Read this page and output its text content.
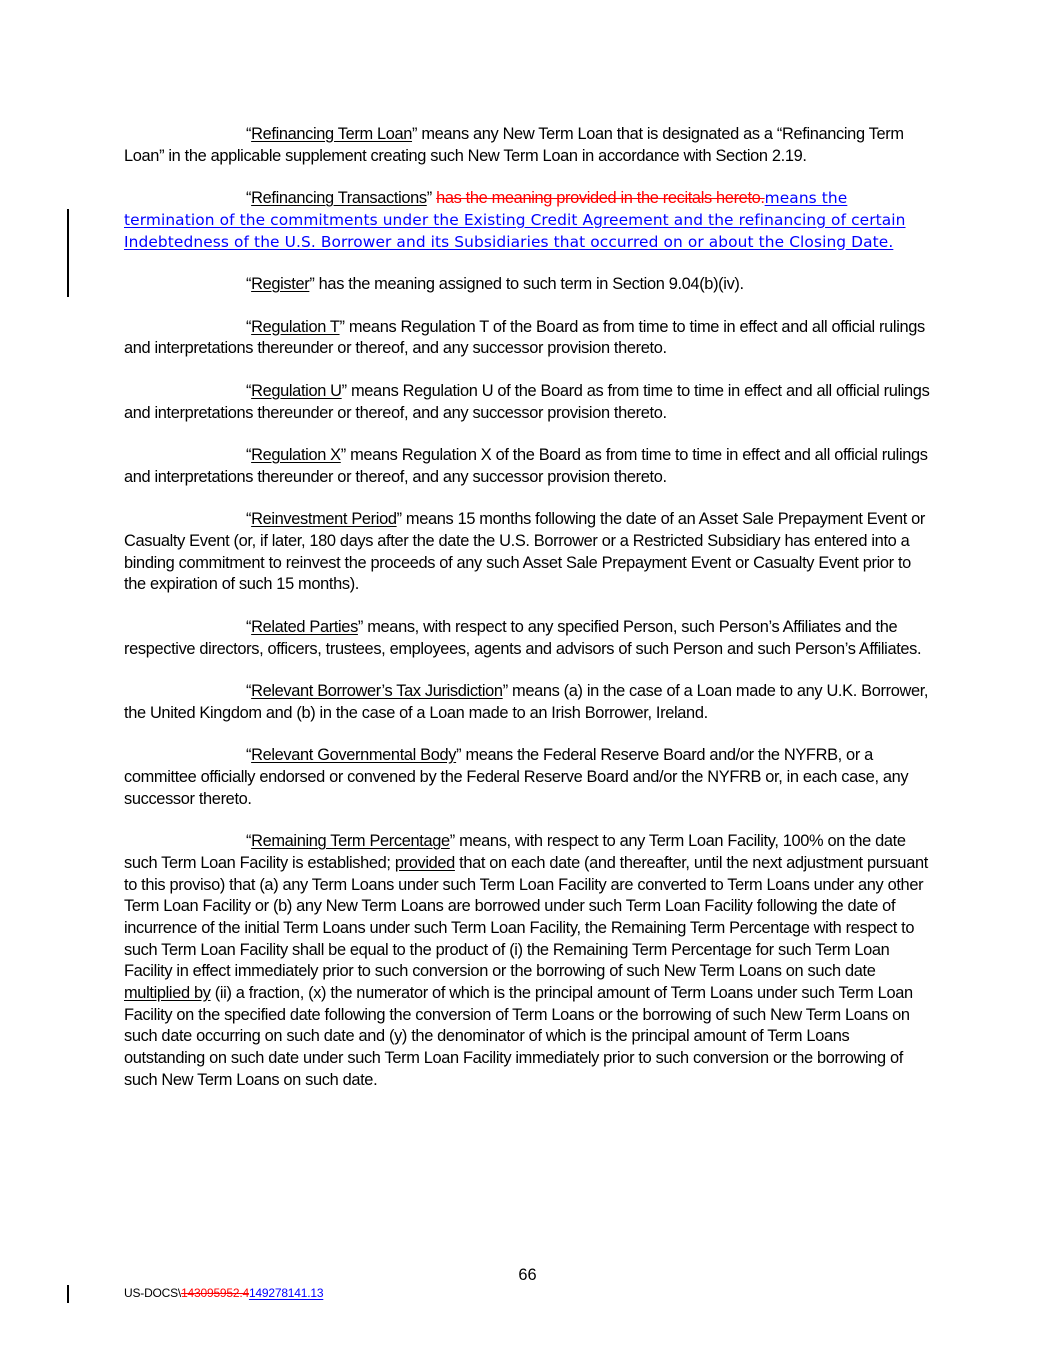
“Refinancing Term Loan” means any New Term Loan that is designated as a “Refinancing Term Loan” in the applicable supplement creating such New Term Loan in accordance with Section 2.19.

“Refinancing Transactions” has the meaning provided in the recitals hereto.means the termination of the commitments under the Existing Credit Agreement and the refinancing of certain Indebtedness of the U.S. Borrower and its Subsidiaries that occurred on or about the Closing Date.

“Register” has the meaning assigned to such term in Section 9.04(b)(iv).

“Regulation T” means Regulation T of the Board as from time to time in effect and all official rulings and interpretations thereunder or thereof, and any successor provision thereto.

“Regulation U” means Regulation U of the Board as from time to time in effect and all official rulings and interpretations thereunder or thereof, and any successor provision thereto.

“Regulation X” means Regulation X of the Board as from time to time in effect and all official rulings and interpretations thereunder or thereof, and any successor provision thereto.

“Reinvestment Period” means 15 months following the date of an Asset Sale Prepayment Event or Casualty Event (or, if later, 180 days after the date the U.S. Borrower or a Restricted Subsidiary has entered into a binding commitment to reinvest the proceeds of any such Asset Sale Prepayment Event or Casualty Event prior to the expiration of such 15 months).

“Related Parties” means, with respect to any specified Person, such Person’s Affiliates and the respective directors, officers, trustees, employees, agents and advisors of such Person and such Person’s Affiliates.

“Relevant Borrower’s Tax Jurisdiction” means (a) in the case of a Loan made to any U.K. Borrower, the United Kingdom and (b) in the case of a Loan made to an Irish Borrower, Ireland.

“Relevant Governmental Body” means the Federal Reserve Board and/or the NYFRB, or a committee officially endorsed or convened by the Federal Reserve Board and/or the NYFRB or, in each case, any successor thereto.

“Remaining Term Percentage” means, with respect to any Term Loan Facility, 100% on the date such Term Loan Facility is established; provided that on each date (and thereafter, until the next adjustment pursuant to this proviso) that (a) any Term Loans under such Term Loan Facility are converted to Term Loans under any other Term Loan Facility or (b) any New Term Loans are borrowed under such Term Loan Facility following the date of incurrence of the initial Term Loans under such Term Loan Facility, the Remaining Term Percentage with respect to such Term Loan Facility shall be equal to the product of (i) the Remaining Term Percentage for such Term Loan Facility in effect immediately prior to such conversion or the borrowing of such New Term Loans on such date multiplied by (ii) a fraction, (x) the numerator of which is the principal amount of Term Loans under such Term Loan Facility on the specified date following the conversion of Term Loans or the borrowing of such New Term Loans on such date occurring on such date and (y) the denominator of which is the principal amount of Term Loans outstanding on such date under such Term Loan Facility immediately prior to such conversion or the borrowing of such New Term Loans on such date.

66
US-DOCS\143095952.4149278141.13
